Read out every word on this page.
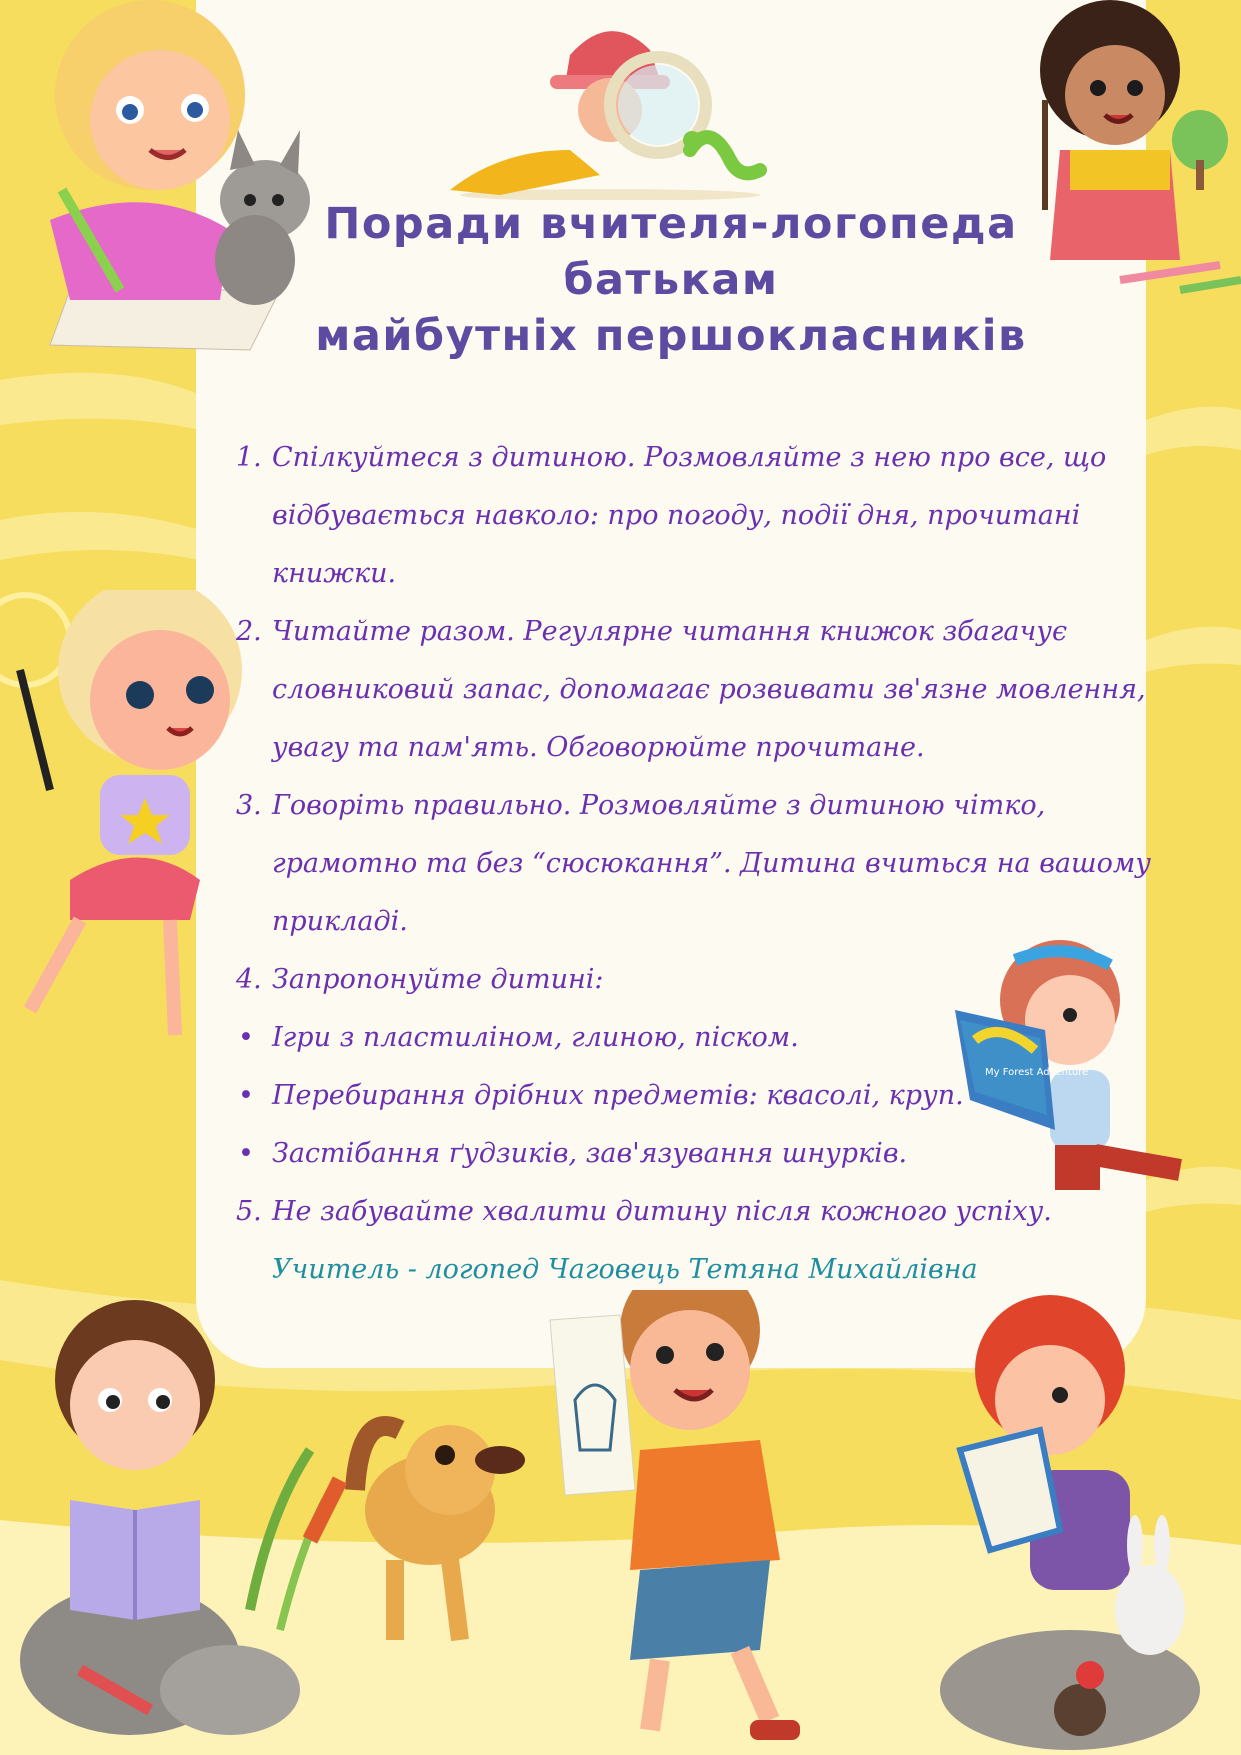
My Forest Adventure
Поради вчителя-логопеда
батькам
майбутніх першокласників
1. Спілкуйтеся з дитиною. Розмовляйте з нею про все, що
відбувається навколо: про погоду, події дня, прочитані
книжки.
2. Читайте разом. Регулярне читання книжок збагачує
словниковий запас, допомагає розвивати зв'язне мовлення,
увагу та пам'ять. Обговорюйте прочитане.
3. Говоріть правильно. Розмовляйте з дитиною чітко,
грамотно та без “сюсюкання”. Дитина вчиться на вашому
прикладі.
4. Запропонуйте дитині:
• Ігри з пластиліном, глиною, піском.
• Перебирання дрібних предметів: квасолі, круп.
• Застібання ґудзиків, зав'язування шнурків.
5. Не забувайте хвалити дитину після кожного успіху.
Учитель - логопед Чаговець Тетяна Михайлівна
